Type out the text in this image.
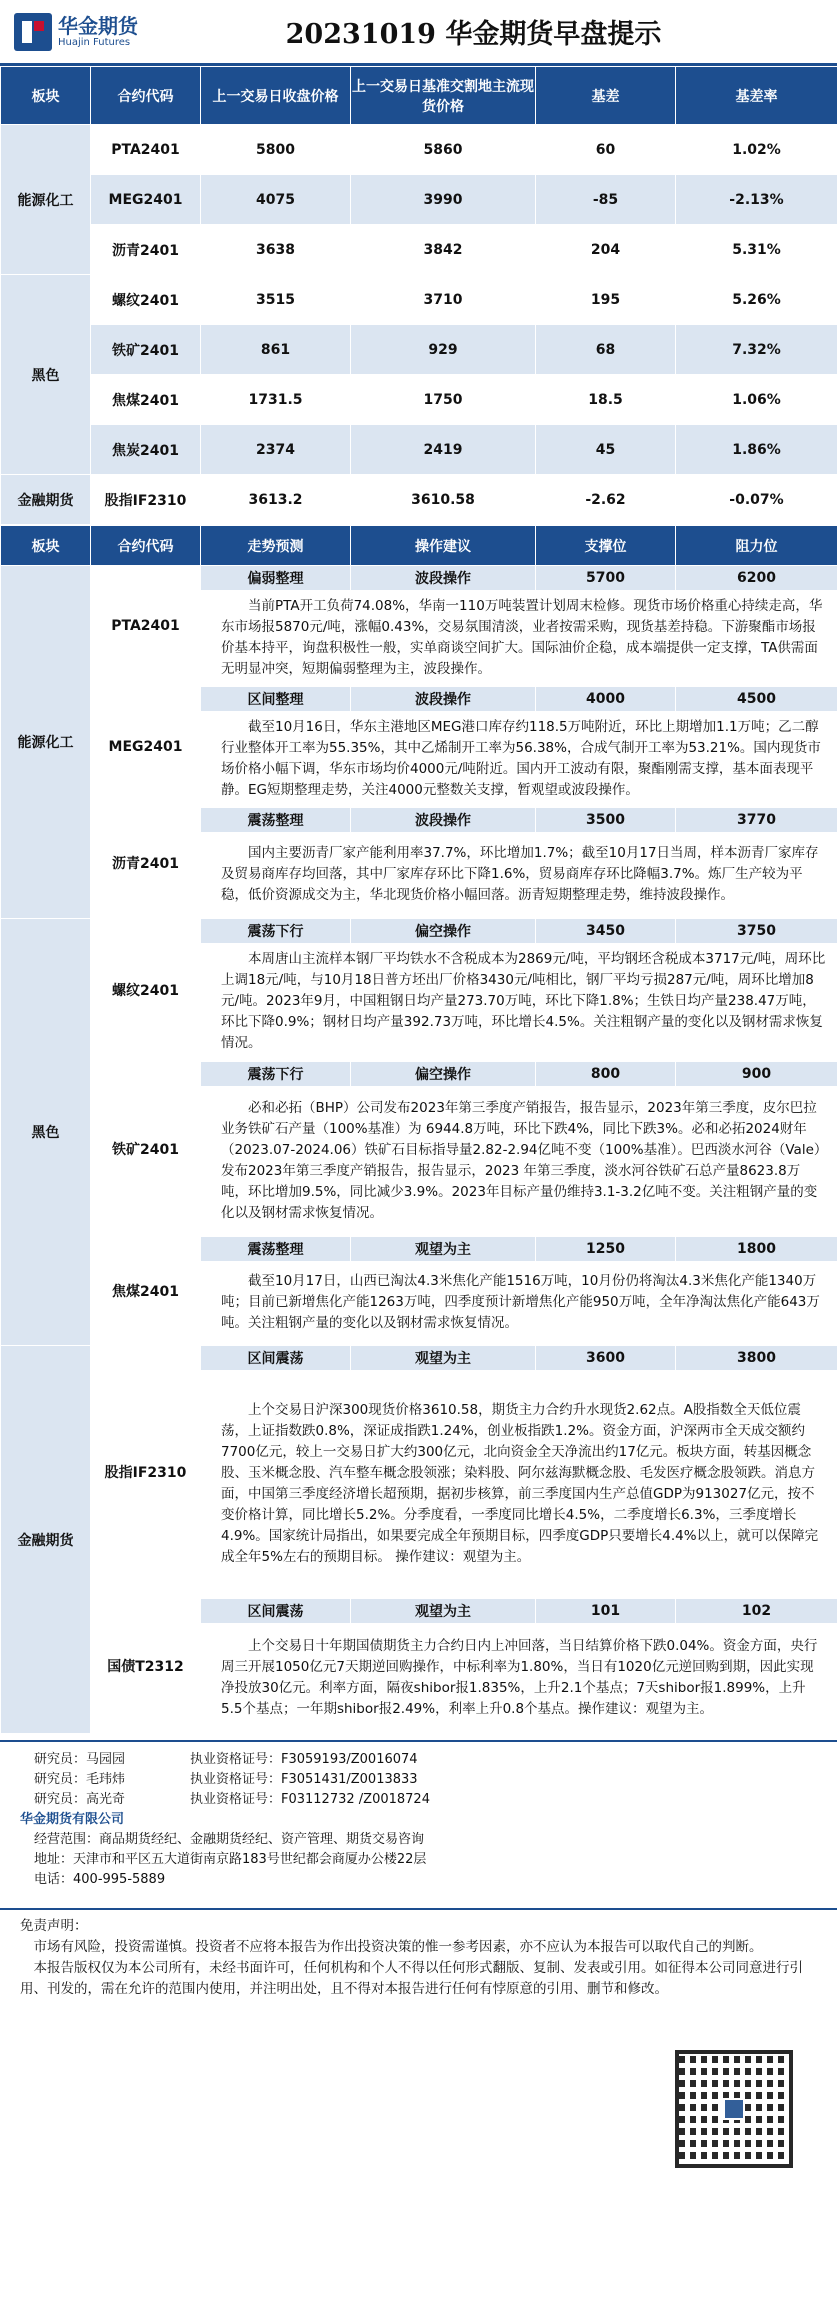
华金期货
Huajin Futures	20231019 华金期货早盘提示
板块	合约代码	上一交易日收盘价格	上一交易日基准交割地主流现货价格	基差	基差率
能源化工	PTA2401	5800	5860	60	1.02%
	MEG2401	4075	3990	-85	-2.13%
	沥青2401	3638	3842	204	5.31%
黑色	螺纹2401	3515	3710	195	5.26%
	铁矿2401	861	929	68	7.32%
	焦煤2401	1731.5	1750	18.5	1.06%
	焦炭2401	2374	2419	45	1.86%
金融期货	股指IF2310	3613.2	3610.58	-2.62	-0.07%
板块	合约代码	走势预测	操作建议	支撑位	阻力位
能源化工	PTA2401	偏弱整理	波段操作	5700	6200
		当前PTA开工负荷74.08%，华南一110万吨装置计划周末检修。现货市场价格重心持续走高，华东市场报5870元/吨，涨幅0.43%，交易氛围清淡，业者按需采购，现货基差持稳。下游聚酯市场报价基本持平，询盘积极性一般，实单商谈空间扩大。国际油价企稳，成本端提供一定支撑，TA供需面无明显冲突，短期偏弱整理为主，波段操作。			
	MEG2401	区间整理	波段操作	4000	4500
		截至10月16日，华东主港地区MEG港口库存约118.5万吨附近，环比上期增加1.1万吨；乙二醇行业整体开工率为55.35%，其中乙烯制开工率为56.38%，合成气制开工率为53.21%。国内现货市场价格小幅下调，华东市场均价4000元/吨附近。国内开工波动有限，聚酯刚需支撑，基本面表现平静。EG短期整理走势，关注4000元整数关支撑，暂观望或波段操作。			
	沥青2401	震荡整理	波段操作	3500	3770
		国内主要沥青厂家产能利用率37.7%，环比增加1.7%；截至10月17日当周，样本沥青厂家库存及贸易商库存均回落，其中厂家库存环比下降1.6%，贸易商库存环比降幅3.7%。炼厂生产较为平稳，低价资源成交为主，华北现货价格小幅回落。沥青短期整理走势，维持波段操作。			
黑色	螺纹2401	震荡下行	偏空操作	3450	3750
		本周唐山主流样本钢厂平均铁水不含税成本为2869元/吨，平均钢坯含税成本3717元/吨，周环比上调18元/吨，与10月18日普方坯出厂价格3430元/吨相比，钢厂平均亏损287元/吨，周环比增加8元/吨。2023年9月，中国粗钢日均产量273.70万吨，环比下降1.8%；生铁日均产量238.47万吨，环比下降0.9%；钢材日均产量392.73万吨，环比增长4.5%。关注粗钢产量的变化以及钢材需求恢复情况。			
	铁矿2401	震荡下行	偏空操作	800	900
		必和必拓（BHP）公司发布2023年第三季度产销报告，报告显示，2023年第三季度，皮尔巴拉业务铁矿石产量（100%基准）为 6944.8万吨，环比下跌4%，同比下跌3%。必和必拓2024财年（2023.07-2024.06）铁矿石目标指导量2.82-2.94亿吨不变（100%基准）。巴西淡水河谷（Vale）发布2023年第三季度产销报告，报告显示，2023 年第三季度，淡水河谷铁矿石总产量8623.8万吨，环比增加9.5%，同比减少3.9%。2023年目标产量仍维持3.1-3.2亿吨不变。关注粗钢产量的变化以及钢材需求恢复情况。			
	焦煤2401	震荡整理	观望为主	1250	1800
		截至10月17日，山西已淘汰4.3米焦化产能1516万吨，10月份仍将淘汰4.3米焦化产能1340万吨；目前已新增焦化产能1263万吨，四季度预计新增焦化产能950万吨，全年净淘汰焦化产能643万吨。关注粗钢产量的变化以及钢材需求恢复情况。			
金融期货	股指IF2310	区间震荡	观望为主	3600	3800
		上个交易日沪深300现货价格3610.58，期货主力合约升水现货2.62点。A股指数全天低位震荡，上证指数跌0.8%，深证成指跌1.24%，创业板指跌1.2%。资金方面，沪深两市全天成交额约7700亿元，较上一交易日扩大约300亿元，北向资金全天净流出约17亿元。板块方面，转基因概念股、玉米概念股、汽车整车概念股领涨；染料股、阿尔兹海默概念股、毛发医疗概念股领跌。消息方面，中国第三季度经济增长超预期，据初步核算，前三季度国内生产总值GDP为913027亿元，按不变价格计算，同比增长5.2%。分季度看，一季度同比增长4.5%，二季度增长6.3%，三季度增长4.9%。国家统计局指出，如果要完成全年预期目标，四季度GDP只要增长4.4%以上，就可以保障完成全年5%左右的预期目标。 操作建议：观望为主。			
	国债T2312	区间震荡	观望为主	101	102
		上个交易日十年期国债期货主力合约日内上冲回落，当日结算价格下跌0.04%。资金方面，央行周三开展1050亿元7天期逆回购操作，中标利率为1.80%，当日有1020亿元逆回购到期，因此实现净投放30亿元。利率方面，隔夜shibor报1.835%，上升2.1个基点；7天shibor报1.899%，上升5.5个基点；一年期shibor报2.49%，利率上升0.8个基点。操作建议：观望为主。			
研究员：马园园	执业资格证号：F3059193/Z0016074
研究员：毛玮炜	执业资格证号：F3051431/Z0013833
研究员：高光奇	执业资格证号：F03112732 /Z0018724
华金期货有限公司
经营范围：商品期货经纪、金融期货经纪、资产管理、期货交易咨询
地址：天津市和平区五大道街南京路183号世纪都会商厦办公楼22层
电话：400-995-5889
免责声明：
市场有风险，投资需谨慎。投资者不应将本报告为作出投资决策的惟一参考因素，亦不应认为本报告可以取代自己的判断。
本报告版权仅为本公司所有，未经书面许可，任何机构和个人不得以任何形式翻版、复制、发表或引用。如征得本公司同意进行引用、刊发的，需在允许的范围内使用，并注明出处，且不得对本报告进行任何有悖原意的引用、删节和修改。
